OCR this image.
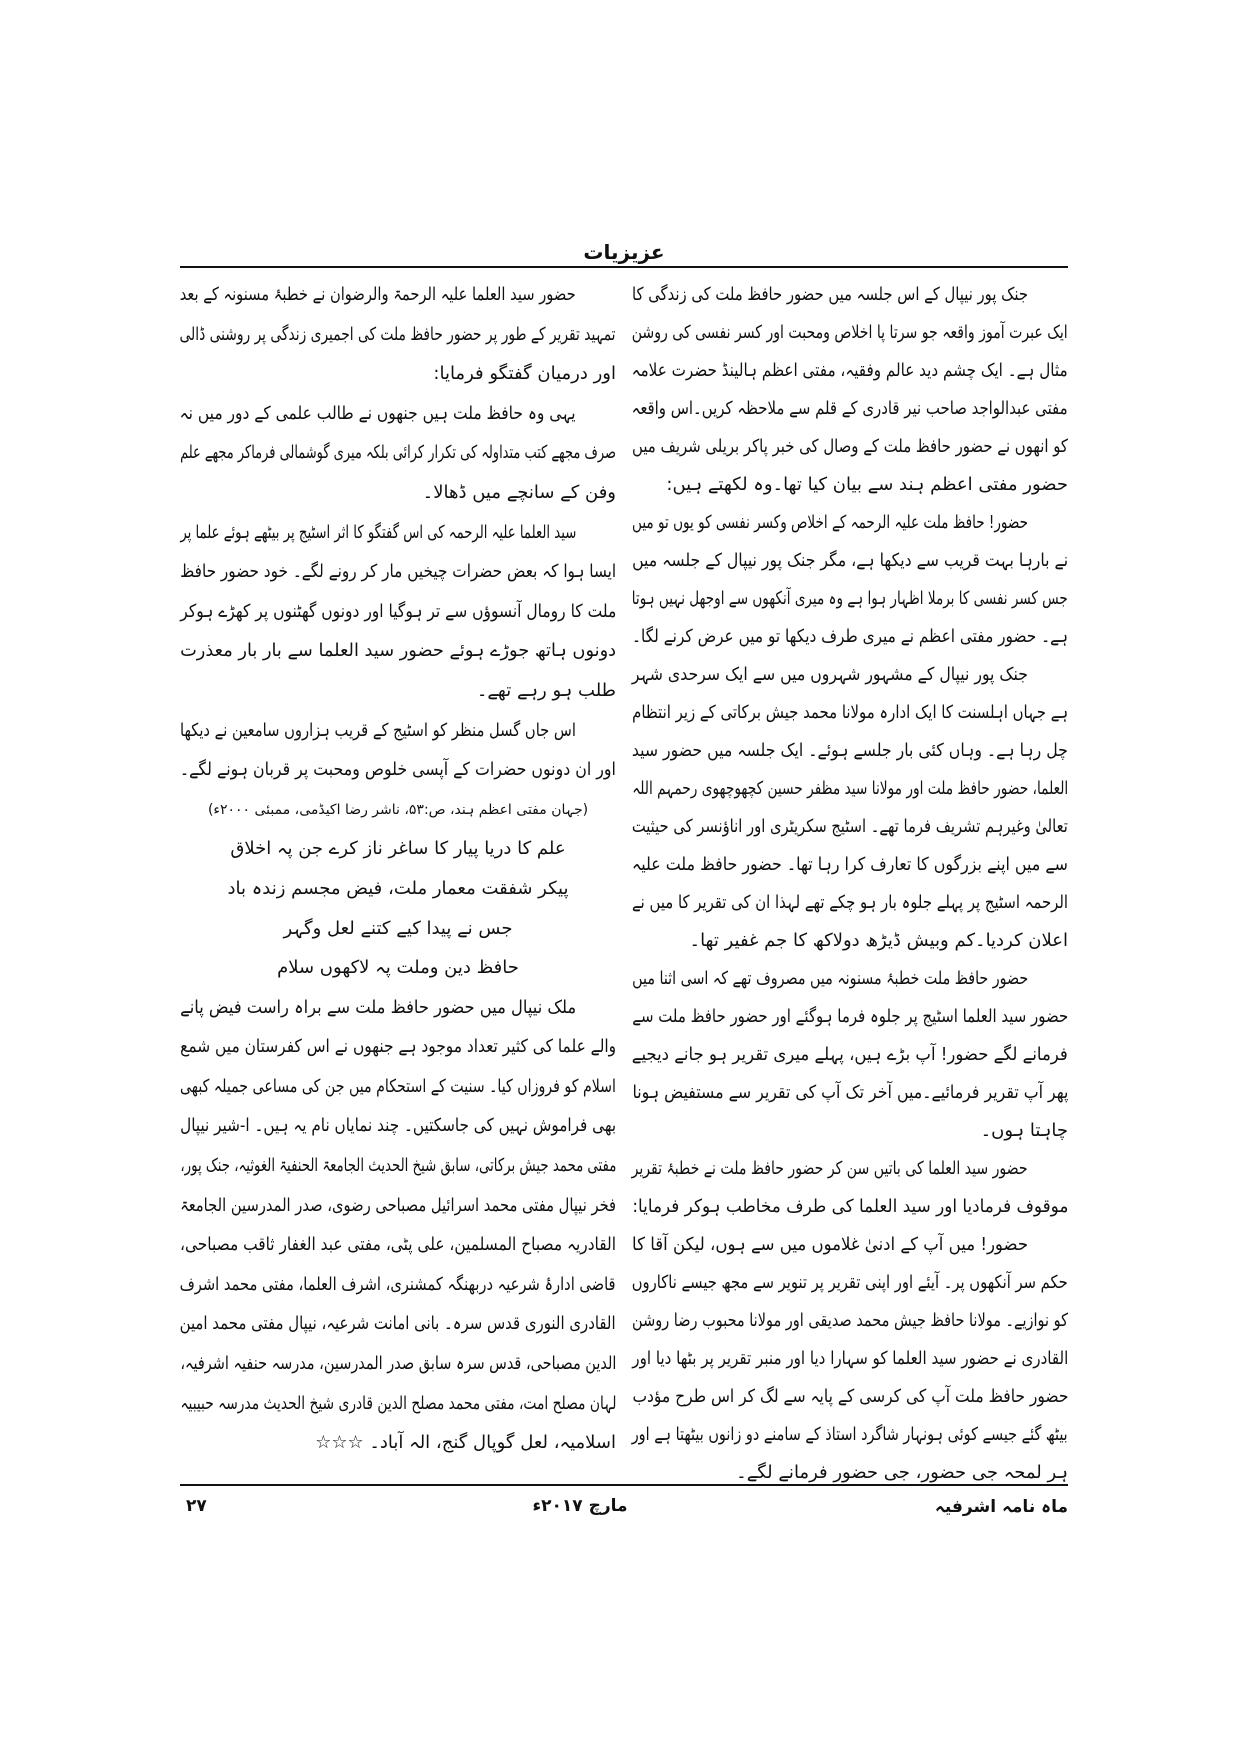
عزیزیات
جنک پور نیپال کے اس جلسہ میں حضور حافظ ملت کی زندگی کا
ایک عبرت آموز واقعہ جو سرتا پا اخلاص ومحبت اور کسر نفسی کی روشن
مثال ہے۔ ایک چشم دید عالم وفقیہ، مفتی اعظم ہالینڈ حضرت علامہ
مفتی عبدالواجد صاحب نیر قادری کے قلم سے ملاحظہ کریں۔اس واقعہ
کو انھوں نے حضور حافظ ملت کے وصال کی خبر پاکر بریلی شریف میں
حضور مفتی اعظم ہند سے بیان کیا تھا۔وہ لکھتے ہیں:
حضور! حافظ ملت علیہ الرحمہ کے اخلاص وکسر نفسی کو یوں تو میں
نے بارہا بہت قریب سے دیکھا ہے، مگر جنک پور نیپال کے جلسہ میں
جس کسر نفسی کا برملا اظہار ہوا ہے وہ میری آنکھوں سے اوجھل نہیں ہوتا
ہے۔ حضور مفتی اعظم نے میری طرف دیکھا تو میں عرض کرنے لگا۔
جنک پور نیپال کے مشہور شہروں میں سے ایک سرحدی شہر
ہے جہاں اہلسنت کا ایک ادارہ مولانا محمد جیش برکاتی کے زیر انتظام
چل رہا ہے۔ وہاں کئی بار جلسے ہوئے۔ ایک جلسہ میں حضور سید
العلما، حضور حافظ ملت اور مولانا سید مظفر حسین کچھوچھوی رحمہم اللہ
تعالیٰ وغیرہم تشریف فرما تھے۔ اسٹیج سکریٹری اور اناؤنسر کی حیثیت
سے میں اپنے بزرگوں کا تعارف کرا رہا تھا۔ حضور حافظ ملت علیہ
الرحمہ اسٹیج پر پہلے جلوہ بار ہو چکے تھے لہذا ان کی تقریر کا میں نے
اعلان کردیا۔کم وبیش ڈیڑھ دولاکھ کا جم غفیر تھا۔
حضور حافظ ملت خطبۂ مسنونہ میں مصروف تھے کہ اسی اثنا میں
حضور سید العلما اسٹیج پر جلوہ فرما ہوگئے اور حضور حافظ ملت سے
فرمانے لگے حضور! آپ بڑے ہیں، پہلے میری تقریر ہو جانے دیجیے
پھر آپ تقریر فرمائیے۔میں آخر تک آپ کی تقریر سے مستفیض ہونا
چاہتا ہوں۔
حضور سید العلما کی باتیں سن کر حضور حافظ ملت نے خطبۂ تقریر
موقوف فرمادیا اور سید العلما کی طرف مخاطب ہوکر فرمایا:
حضور! میں آپ کے ادنیٰ غلاموں میں سے ہوں، لیکن آقا کا
حکم سر آنکھوں پر۔ آیئے اور اپنی تقریر پر تنویر سے مجھ جیسے ناکاروں
کو نوازیے۔ مولانا حافظ جیش محمد صدیقی اور مولانا محبوب رضا روشن
القادری نے حضور سید العلما کو سہارا دیا اور منبر تقریر پر بٹھا دیا اور
حضور حافظ ملت آپ کی کرسی کے پایہ سے لگ کر اس طرح مؤدب
بیٹھ گئے جیسے کوئی ہونہار شاگرد استاذ کے سامنے دو زانوں بیٹھتا ہے اور
ہر لمحہ جی حضور، جی حضور فرمانے لگے۔
حضور سید العلما علیہ الرحمۃ والرضوان نے خطبۂ مسنونہ کے بعد
تمہید تقریر کے طور پر حضور حافظ ملت کی اجمیری زندگی پر روشنی ڈالی
اور درمیان گفتگو فرمایا:
یہی وہ حافظ ملت ہیں جنھوں نے طالب علمی کے دور میں نہ
صرف مجھے کتب متداولہ کی تکرار کرائی بلکہ میری گوشمالی فرماکر مجھے علم
وفن کے سانچے میں ڈھالا۔
سید العلما علیہ الرحمہ کی اس گفتگو کا اثر اسٹیج پر بیٹھے ہوئے علما پر
ایسا ہوا کہ بعض حضرات چیخیں مار کر رونے لگے۔ خود حضور حافظ
ملت کا رومال آنسوؤں سے تر ہوگیا اور دونوں گھٹنوں پر کھڑے ہوکر
دونوں ہاتھ جوڑے ہوئے حضور سید العلما سے بار بار معذرت
طلب ہو رہے تھے۔
اس جاں گسل منظر کو اسٹیج کے قریب ہزاروں سامعین نے دیکھا
اور ان دونوں حضرات کے آپسی خلوص ومحبت پر قربان ہونے لگے۔
(جہان مفتی اعظم ہند، ص:۵۳، ناشر رضا اکیڈمی، ممبئی ۲۰۰۰ء)
علم کا دریا پیار کا ساغر ناز کرے جن پہ اخلاق
پیکر شفقت معمار ملت، فیض مجسم زندہ باد
جس نے پیدا کیے کتنے لعل وگہر
حافظ دین وملت پہ لاکھوں سلام
ملک نیپال میں حضور حافظ ملت سے براہ راست فیض پانے
والے علما کی کثیر تعداد موجود ہے جنھوں نے اس کفرستان میں شمع
اسلام کو فروزاں کیا۔ سنیت کے استحکام میں جن کی مساعی جمیلہ کبھی
بھی فراموش نہیں کی جاسکتیں۔ چند نمایاں نام یہ ہیں۔ ا-شیر نیپال
مفتی محمد جیش برکاتی، سابق شیخ الحدیث الجامعۃ الحنفیۃ الغوثیہ، جنک پور،
فخر نیپال مفتی محمد اسرائیل مصباحی رضوی، صدر المدرسین الجامعۃ
القادریہ مصباح المسلمین، علی پٹی، مفتی عبد الغفار ثاقب مصباحی،
قاضی ادارۂ شرعیہ دربھنگہ کمشنری، اشرف العلما، مفتی محمد اشرف
القادری النوری قدس سرہ۔ بانی امانت شرعیہ، نیپال مفتی محمد امین
الدین مصباحی، قدس سرہ سابق صدر المدرسین، مدرسہ حنفیہ اشرفیہ،
لہان مصلح امت، مفتی محمد مصلح الدین قادری شیخ الحدیث مدرسہ حبیبیہ
اسلامیہ، لعل گوپال گنج، الہ آباد۔ ☆☆☆
۲۷	مارچ ۲۰۱۷ء	ماہ نامہ اشرفیہ
